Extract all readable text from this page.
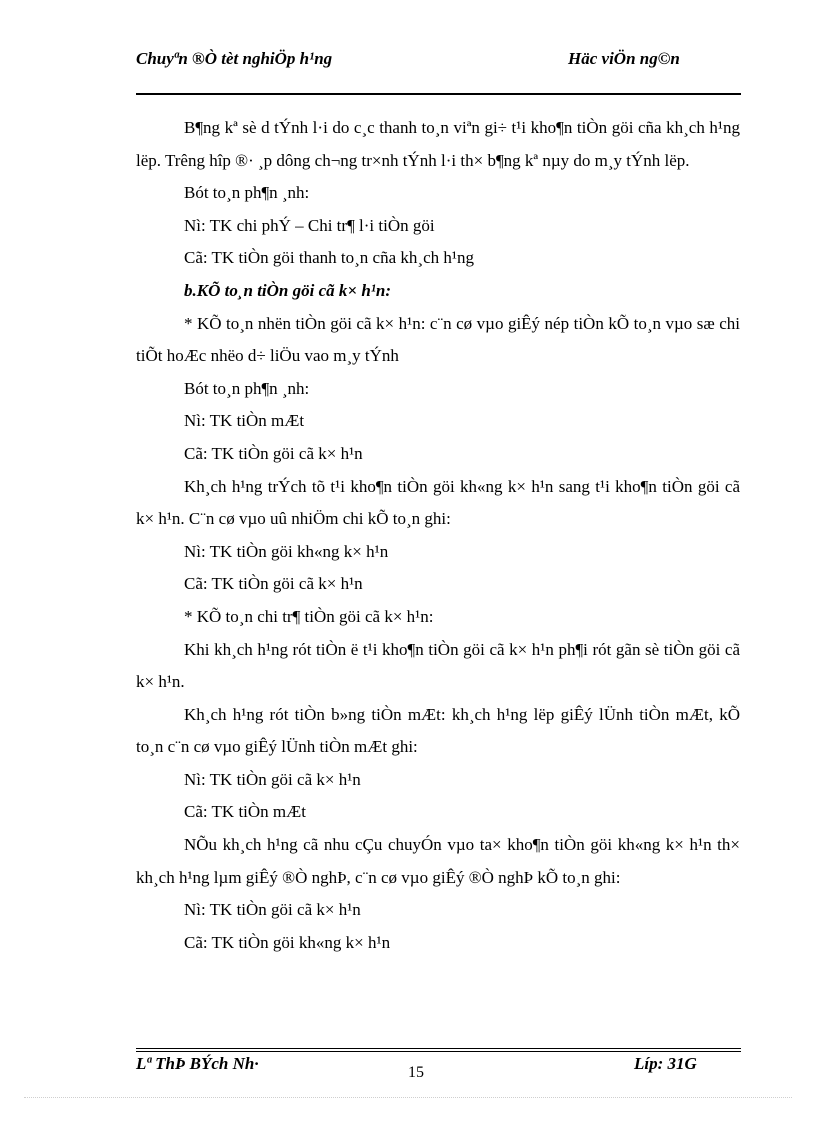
Chuyªn ®Ò tèt nghiÖp h¹ng	Häc viÖn ng©n

B¶ng kª sè d tÝnh l·i do c¸c thanh to¸n viªn gi÷ t¹i kho¶n tiÒn göi cña kh¸ch h¹ng lëp. Trêng hîp ®· ¸p dông ch¬ng tr×nh tÝnh l·i th× b¶ng kª nµy do m¸y tÝnh lëp.

Bót to¸n ph¶n ¸nh:

Nì: TK chi phÝ – Chi tr¶ l·i tiÒn göi

Cã: TK tiÒn göi thanh to¸n cña kh¸ch h¹ng

b.KÕ to¸n tiÒn göi cã k× h¹n:

* KÕ to¸n nhën tiÒn göi cã k× h¹n: c¨n cø vµo giÊý nép tiÒn kÕ to¸n vµo sæ chi tiÕt hoÆc nhëo d÷ liÖu vao m¸y tÝnh

Bót to¸n ph¶n ¸nh:

Nì: TK tiÒn mÆt

Cã: TK tiÒn göi cã k× h¹n

Kh¸ch h¹ng trÝch tõ t¹i kho¶n tiÒn göi kh«ng k× h¹n sang t¹i kho¶n tiÒn göi cã k× h¹n. C¨n cø vµo uû nhiÖm chi kÕ to¸n ghi:

Nì: TK tiÒn göi kh«ng k× h¹n

Cã: TK tiÒn göi cã k× h¹n

* KÕ to¸n chi tr¶ tiÒn göi cã k× h¹n:

Khi kh¸ch h¹ng rót tiÒn ë t¹i kho¶n tiÒn göi cã k× h¹n ph¶i rót gãn sè tiÒn göi cã k× h¹n.

Kh¸ch h¹ng rót tiÒn b»ng tiÒn mÆt: kh¸ch h¹ng lëp giÊý lÜnh tiÒn mÆt, kÕ to¸n c¨n cø vµo giÊý lÜnh tiÒn mÆt ghi:

Nì: TK tiÒn göi cã k× h¹n

Cã: TK tiÒn mÆt

NÕu kh¸ch h¹ng cã nhu cÇu chuyÓn vµo ta× kho¶n tiÒn göi kh«ng k× h¹n th× kh¸ch h¹ng lµm giÊý ®Ò nghÞ, c¨n cø vµo giÊý ®Ò nghÞ kÕ to¸n ghi:

Nì: TK tiÒn göi cã k× h¹n

Cã: TK tiÒn göi kh«ng k× h¹n

Lª ThÞ BÝch Nh·	15	Líp: 31G
